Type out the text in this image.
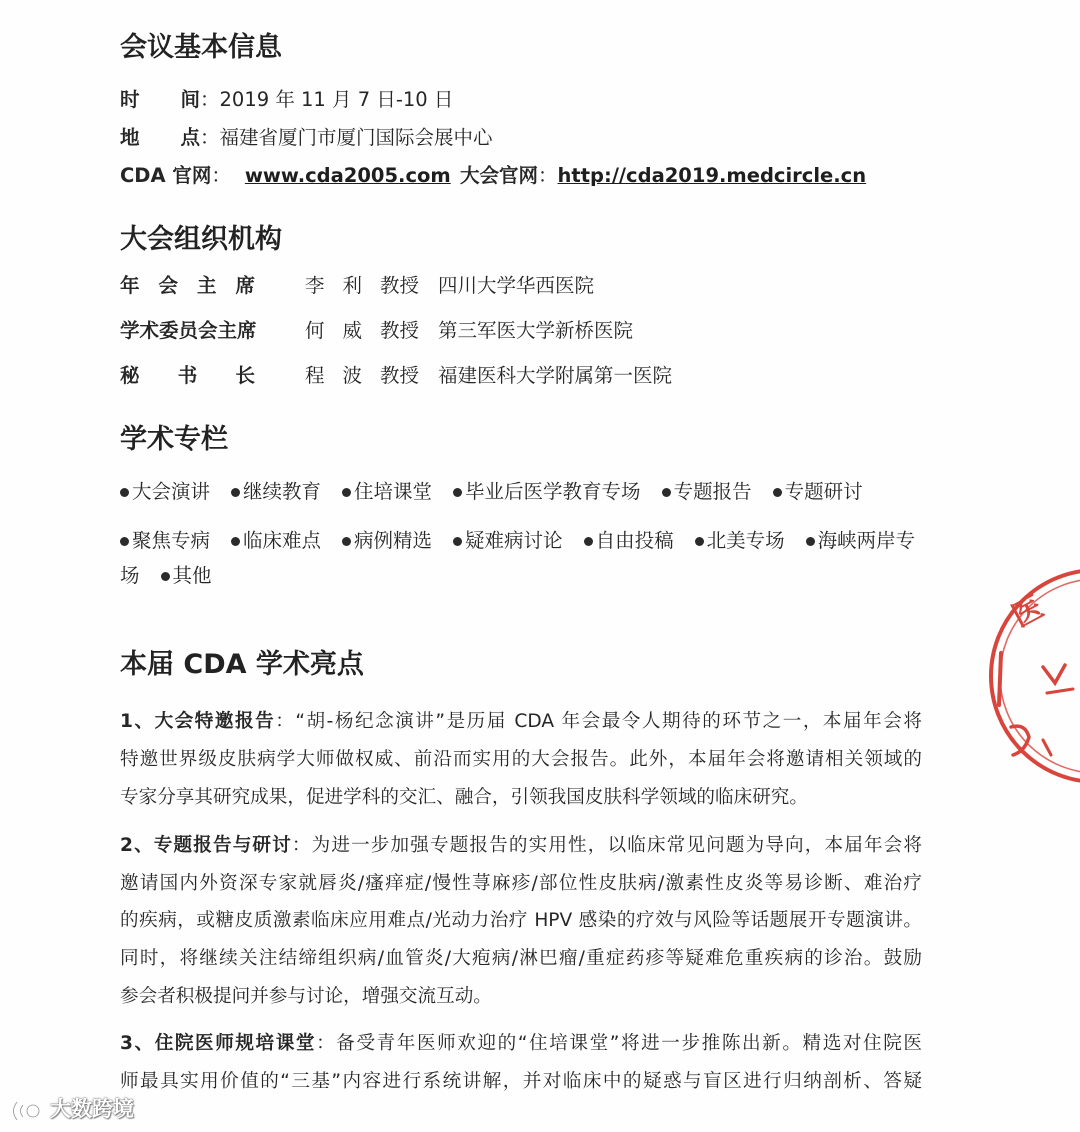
会议基本信息
时间：2019 年 11 月 7 日-10 日
地点：福建省厦门市厦门国际会展中心
CDA 官网： www.cda2005.com 大会官网：http://cda2019.medcircle.cn
大会组织机构
年会主席	李利 教授 四川大学华西医院
学术委员会主席 何威 教授 第三军医大学新桥医院
秘书长	程波 教授 福建医科大学附属第一医院
学术专栏
大会演讲 继续教育 住培课堂 毕业后医学教育专场 专题报告 专题研讨
聚焦专病 临床难点 病例精选 疑难病讨论 自由投稿 北美专场 海峡两岸专
场 其他
本届 CDA 学术亮点
1、大会特邀报告：“胡-杨纪念演讲”是历届 CDA 年会最令人期待的环节之一，本届年会将
特邀世界级皮肤病学大师做权威、前沿而实用的大会报告。此外，本届年会将邀请相关领域的
专家分享其研究成果，促进学科的交汇、融合，引领我国皮肤科学领域的临床研究。
2、专题报告与研讨：为进一步加强专题报告的实用性，以临床常见问题为导向，本届年会将
邀请国内外资深专家就唇炎/瘙痒症/慢性荨麻疹/部位性皮肤病/激素性皮炎等易诊断、难治疗
的疾病，或糖皮质激素临床应用难点/光动力治疗 HPV 感染的疗效与风险等话题展开专题演讲。
同时，将继续关注结缔组织病/血管炎/大疱病/淋巴瘤/重症药疹等疑难危重疾病的诊治。鼓励
参会者积极提问并参与讨论，增强交流互动。
3、住院医师规培课堂：备受青年医师欢迎的“住培课堂”将进一步推陈出新。精选对住院医
师最具实用价值的“三基”内容进行系统讲解，并对临床中的疑惑与盲区进行归纳剖析、答疑
医
大数跨境
